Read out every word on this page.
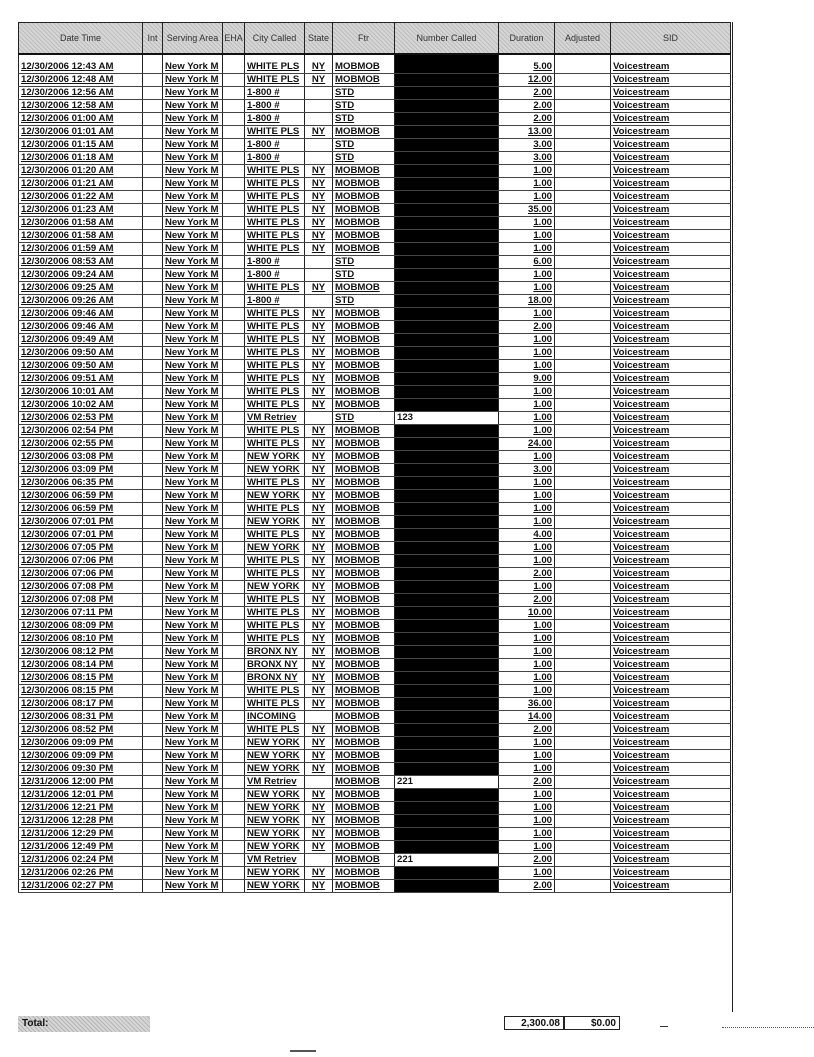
Date Time	Int	Serving Area	EHA	City Called	State	Ftr	Number Called	Duration	Adjusted	SID
12/30/2006 12:43 AM		New York M		WHITE PLS	NY	MOBMOB		5.00		Voicestream
12/30/2006 12:48 AM		New York M		WHITE PLS	NY	MOBMOB		12.00		Voicestream
12/30/2006 12:56 AM		New York M		1-800 #		STD		2.00		Voicestream
12/30/2006 12:58 AM		New York M		1-800 #		STD		2.00		Voicestream
12/30/2006 01:00 AM		New York M		1-800 #		STD		2.00		Voicestream
12/30/2006 01:01 AM		New York M		WHITE PLS	NY	MOBMOB		13.00		Voicestream
12/30/2006 01:15 AM		New York M		1-800 #		STD		3.00		Voicestream
12/30/2006 01:18 AM		New York M		1-800 #		STD		3.00		Voicestream
12/30/2006 01:20 AM		New York M		WHITE PLS	NY	MOBMOB		1.00		Voicestream
12/30/2006 01:21 AM		New York M		WHITE PLS	NY	MOBMOB		1.00		Voicestream
12/30/2006 01:22 AM		New York M		WHITE PLS	NY	MOBMOB		1.00		Voicestream
12/30/2006 01:23 AM		New York M		WHITE PLS	NY	MOBMOB		35.00		Voicestream
12/30/2006 01:58 AM		New York M		WHITE PLS	NY	MOBMOB		1.00		Voicestream
12/30/2006 01:58 AM		New York M		WHITE PLS	NY	MOBMOB		1.00		Voicestream
12/30/2006 01:59 AM		New York M		WHITE PLS	NY	MOBMOB		1.00		Voicestream
12/30/2006 08:53 AM		New York M		1-800 #		STD		6.00		Voicestream
12/30/2006 09:24 AM		New York M		1-800 #		STD		1.00		Voicestream
12/30/2006 09:25 AM		New York M		WHITE PLS	NY	MOBMOB		1.00		Voicestream
12/30/2006 09:26 AM		New York M		1-800 #		STD		18.00		Voicestream
12/30/2006 09:46 AM		New York M		WHITE PLS	NY	MOBMOB		1.00		Voicestream
12/30/2006 09:46 AM		New York M		WHITE PLS	NY	MOBMOB		2.00		Voicestream
12/30/2006 09:49 AM		New York M		WHITE PLS	NY	MOBMOB		1.00		Voicestream
12/30/2006 09:50 AM		New York M		WHITE PLS	NY	MOBMOB		1.00		Voicestream
12/30/2006 09:50 AM		New York M		WHITE PLS	NY	MOBMOB		1.00		Voicestream
12/30/2006 09:51 AM		New York M		WHITE PLS	NY	MOBMOB		9.00		Voicestream
12/30/2006 10:01 AM		New York M		WHITE PLS	NY	MOBMOB		1.00		Voicestream
12/30/2006 10:02 AM		New York M		WHITE PLS	NY	MOBMOB		1.00		Voicestream
12/30/2006 02:53 PM		New York M		VM Retriev		STD	123	1.00		Voicestream
12/30/2006 02:54 PM		New York M		WHITE PLS	NY	MOBMOB		1.00		Voicestream
12/30/2006 02:55 PM		New York M		WHITE PLS	NY	MOBMOB		24.00		Voicestream
12/30/2006 03:08 PM		New York M		NEW YORK	NY	MOBMOB		1.00		Voicestream
12/30/2006 03:09 PM		New York M		NEW YORK	NY	MOBMOB		3.00		Voicestream
12/30/2006 06:35 PM		New York M		WHITE PLS	NY	MOBMOB		1.00		Voicestream
12/30/2006 06:59 PM		New York M		NEW YORK	NY	MOBMOB		1.00		Voicestream
12/30/2006 06:59 PM		New York M		WHITE PLS	NY	MOBMOB		1.00		Voicestream
12/30/2006 07:01 PM		New York M		NEW YORK	NY	MOBMOB		1.00		Voicestream
12/30/2006 07:01 PM		New York M		WHITE PLS	NY	MOBMOB		4.00		Voicestream
12/30/2006 07:05 PM		New York M		NEW YORK	NY	MOBMOB		1.00		Voicestream
12/30/2006 07:06 PM		New York M		WHITE PLS	NY	MOBMOB		1.00		Voicestream
12/30/2006 07:06 PM		New York M		WHITE PLS	NY	MOBMOB		2.00		Voicestream
12/30/2006 07:08 PM		New York M		NEW YORK	NY	MOBMOB		1.00		Voicestream
12/30/2006 07:08 PM		New York M		WHITE PLS	NY	MOBMOB		2.00		Voicestream
12/30/2006 07:11 PM		New York M		WHITE PLS	NY	MOBMOB		10.00		Voicestream
12/30/2006 08:09 PM		New York M		WHITE PLS	NY	MOBMOB		1.00		Voicestream
12/30/2006 08:10 PM		New York M		WHITE PLS	NY	MOBMOB		1.00		Voicestream
12/30/2006 08:12 PM		New York M		BRONX NY	NY	MOBMOB		1.00		Voicestream
12/30/2006 08:14 PM		New York M		BRONX NY	NY	MOBMOB		1.00		Voicestream
12/30/2006 08:15 PM		New York M		BRONX NY	NY	MOBMOB		1.00		Voicestream
12/30/2006 08:15 PM		New York M		WHITE PLS	NY	MOBMOB		1.00		Voicestream
12/30/2006 08:17 PM		New York M		WHITE PLS	NY	MOBMOB		36.00		Voicestream
12/30/2006 08:31 PM		New York M		INCOMING		MOBMOB		14.00		Voicestream
12/30/2006 08:52 PM		New York M		WHITE PLS	NY	MOBMOB		2.00		Voicestream
12/30/2006 09:09 PM		New York M		NEW YORK	NY	MOBMOB		1.00		Voicestream
12/30/2006 09:09 PM		New York M		NEW YORK	NY	MOBMOB		1.00		Voicestream
12/30/2006 09:30 PM		New York M		NEW YORK	NY	MOBMOB		1.00		Voicestream
12/31/2006 12:00 PM		New York M		VM Retriev		MOBMOB	221	2.00		Voicestream
12/31/2006 12:01 PM		New York M		NEW YORK	NY	MOBMOB		1.00		Voicestream
12/31/2006 12:21 PM		New York M		NEW YORK	NY	MOBMOB		1.00		Voicestream
12/31/2006 12:28 PM		New York M		NEW YORK	NY	MOBMOB		1.00		Voicestream
12/31/2006 12:29 PM		New York M		NEW YORK	NY	MOBMOB		1.00		Voicestream
12/31/2006 12:49 PM		New York M		NEW YORK	NY	MOBMOB		1.00		Voicestream
12/31/2006 02:24 PM		New York M		VM Retriev		MOBMOB	221	2.00		Voicestream
12/31/2006 02:26 PM		New York M		NEW YORK	NY	MOBMOB		1.00		Voicestream
12/31/2006 02:27 PM		New York M		NEW YORK	NY	MOBMOB		2.00		Voicestream
Total:	2,300.08	$0.00
